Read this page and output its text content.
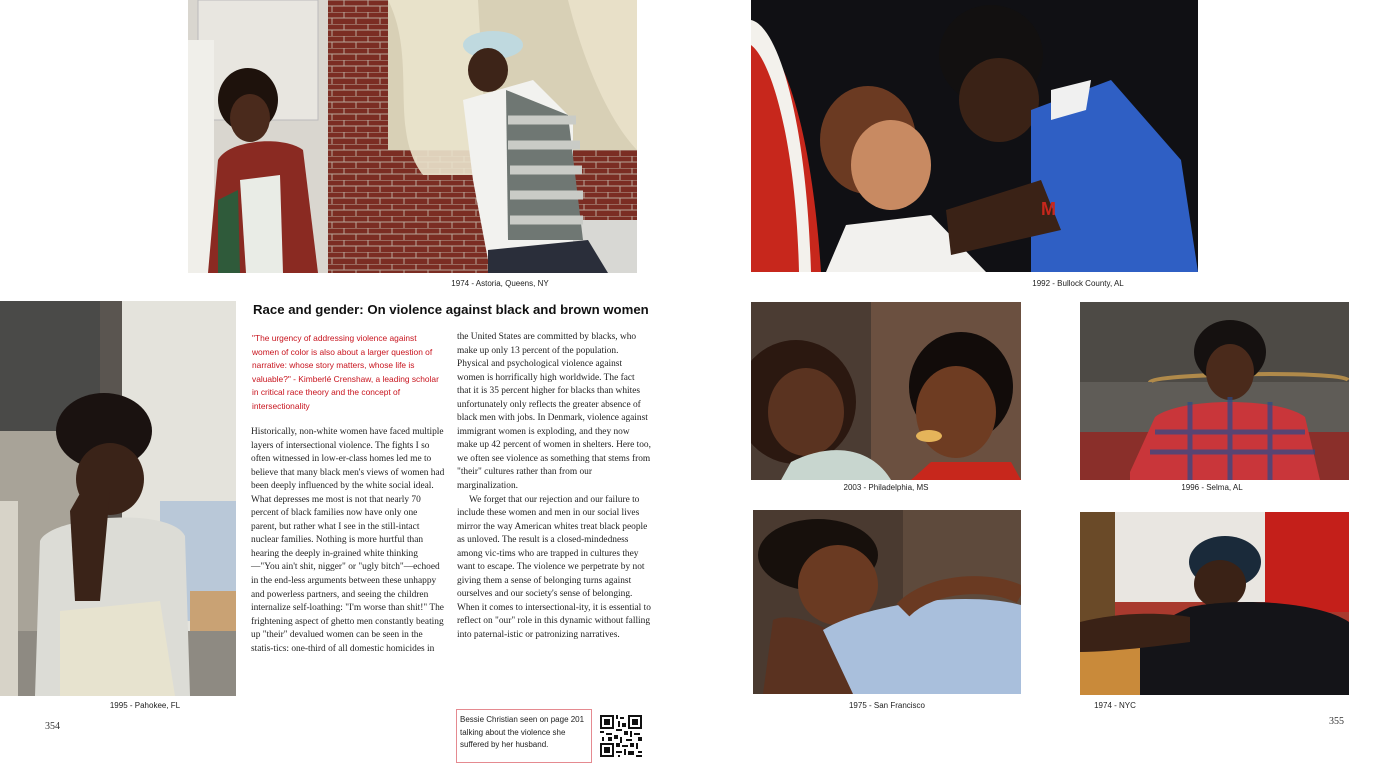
1974 - Astoria, Queens, NY
1995 - Pahokee, FL
Race and gender: On violence against black and brown women
"The urgency of addressing violence against women of color is also about a larger question of narrative: whose story matters, whose life is valuable?" - Kimberlé Crenshaw, a leading scholar in critical race theory and the concept of intersectionality

Historically, non-white women have faced multiple layers of intersectional violence. The fights I so often witnessed in low-er-class homes led me to believe that many black men's views of women had been deeply influenced by the white social ideal. What depresses me most is not that nearly 70 percent of black families now have only one parent, but rather what I see in the still-intact nuclear families. Nothing is more hurtful than hearing the deeply in-grained white thinking—"You ain't shit, nigger" or "ugly bitch"—echoed in the end-less arguments between these unhappy and powerless partners, and seeing the children internalize self-loathing: "I'm worse than shit!" The frightening aspect of ghetto men constantly beating up "their" devalued women can be seen in the statis-tics: one-third of all domestic homicides in

the United States are committed by blacks, who make up only 13 percent of the population.

Physical and psychological violence against women is horrifically high worldwide. The fact that it is 35 percent higher for blacks than whites unfortunately only reflects the greater absence of black men with jobs. In Denmark, violence against immigrant women is exploding, and they now make up 42 percent of women in shelters. Here too, we often see violence as something that stems from "their" cultures rather than from our marginalization.

We forget that our rejection and our failure to include these women and men in our social lives mirror the way American whites treat black people as unloved. The result is a closed-mindedness among vic-tims who are trapped in cultures they want to escape. The violence we perpetrate by not giving them a sense of belonging turns against ourselves and our society's sense of belonging. When it comes to intersectional-ity, it is essential to reflect on "our" role in this dynamic without falling into paternal-istic or patronizing narratives.

Bessie Christian seen on page 201 talking about the violence she suffered by her husband.
354
M
1992 - Bullock County, AL
2003 - Philadelphia, MS	1996 - Selma, AL
1975 - San Francisco	1974 - NYC
355
